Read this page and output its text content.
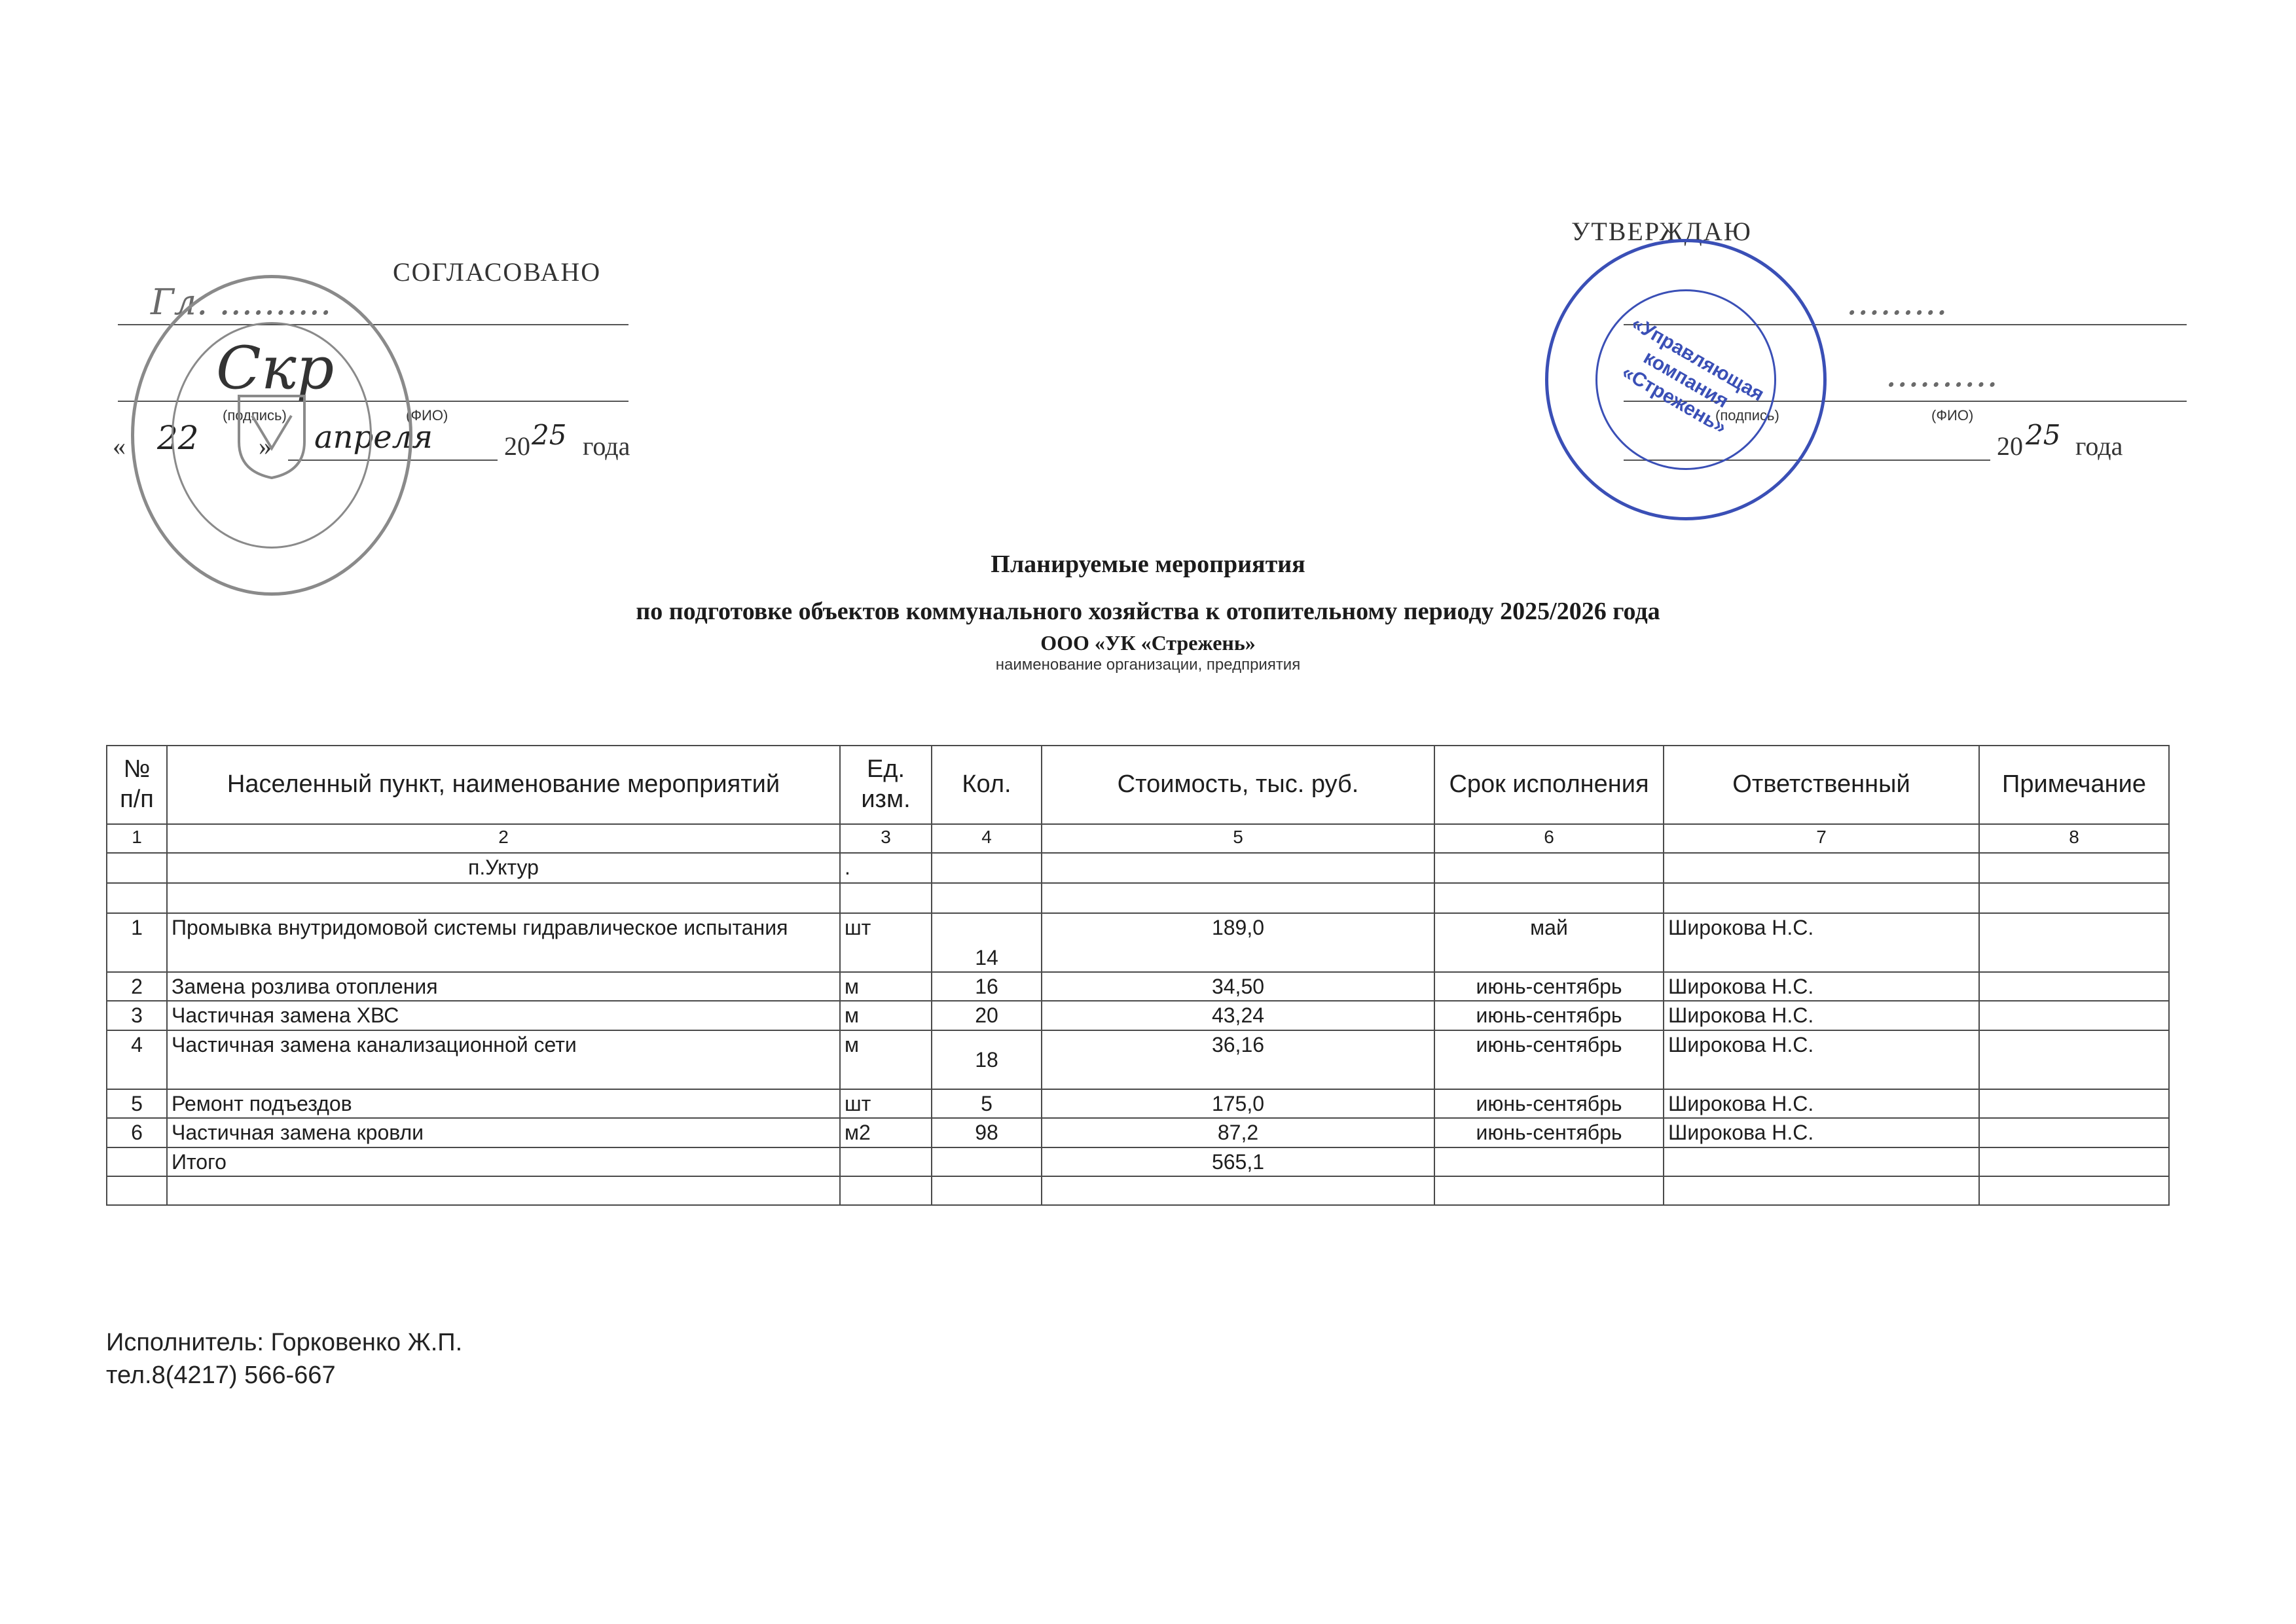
СОГЛАСОВАНО
Гл. ..........
Скр
(подпись)	(ФИО)
« 22 » апреля	20 25 года
УТВЕРЖДАЮ
.........
..........
(подпись)	(ФИО)
20 25 года
«Управляющая компания «Стрежень»
Планируемые мероприятия
по подготовке объектов коммунального хозяйства к отопительному периоду 2025/2026 года
ООО «УК «Стрежень»
наименование организации, предприятия
№ п/п	Населенный пункт, наименование мероприятий	Ед. изм.	Кол.	Стоимость, тыс. руб.	Срок исполнения	Ответственный	Примечание
1	2	3	4	5	6	7	8
	п.Уктур	.					

1	Промывка внутридомовой системы гидравлическое испытания	шт	14	189,0	май	Широкова Н.С.	
2	Замена розлива отопления	м	16	34,50	июнь-сентябрь	Широкова Н.С.	
3	Частичная замена ХВС	м	20	43,24	июнь-сентябрь	Широкова Н.С.	
4	Частичная замена канализационной сети	м	18	36,16	июнь-сентябрь	Широкова Н.С.	
5	Ремонт подъездов	шт	5	175,0	июнь-сентябрь	Широкова Н.С.	
6	Частичная замена кровли	м2	98	87,2	июнь-сентябрь	Широкова Н.С.	
	Итого			565,1			

Исполнитель: Горковенко Ж.П.
тел.8(4217) 566-667
